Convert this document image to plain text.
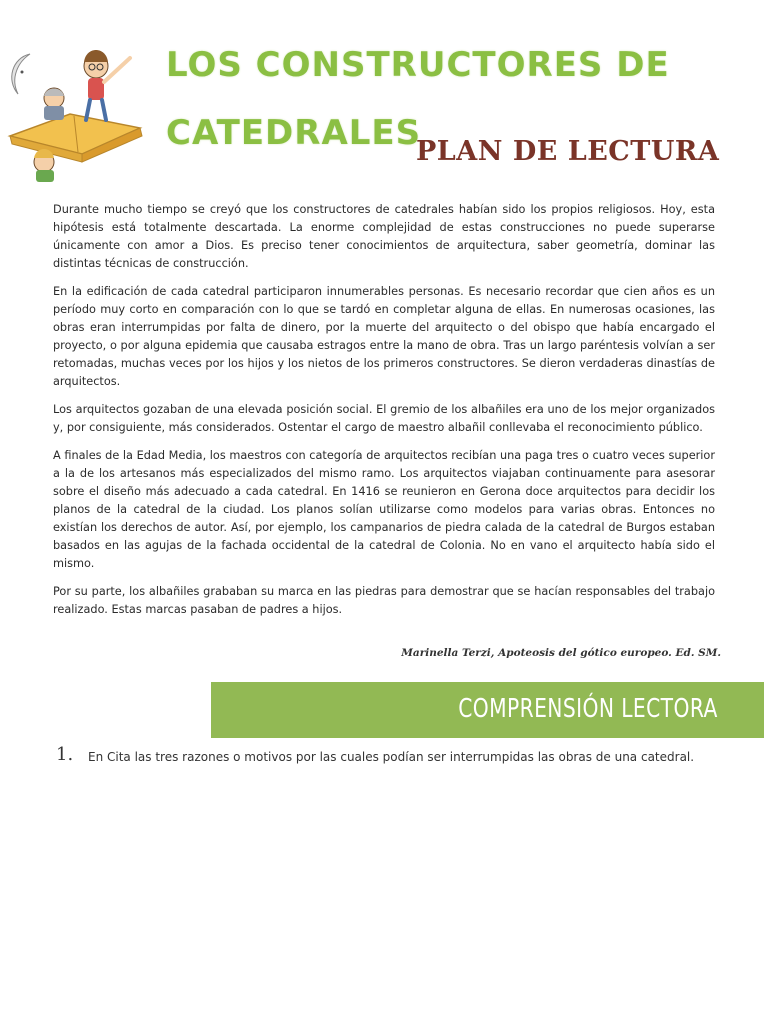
LOS CONSTRUCTORES DE
CATEDRALES
PLAN DE LECTURA

Durante mucho tiempo se creyó que los constructores de catedrales habían sido los propios religiosos. Hoy, esta hipótesis está totalmente descartada. La enorme complejidad de estas construcciones no puede superarse únicamente con amor a Dios. Es preciso tener conocimientos de arquitectura, saber geometría, dominar las distintas técnicas de construcción.

En la edificación de cada catedral participaron innumerables personas. Es necesario recordar que cien años es un período muy corto en comparación con lo que se tardó en completar alguna de ellas. En numerosas ocasiones, las obras eran interrumpidas por falta de dinero, por la muerte del arquitecto o del obispo que había encargado el proyecto, o por alguna epidemia que causaba estragos entre la mano de obra. Tras un largo paréntesis volvían a ser retomadas, muchas veces por los hijos y los nietos de los primeros constructores. Se dieron verdaderas dinastías de arquitectos.

Los arquitectos gozaban de una elevada posición social. El gremio de los albañiles era uno de los mejor organizados y, por consiguiente, más considerados. Ostentar el cargo de maestro albañil conllevaba el reconocimiento público.

A finales de la Edad Media, los maestros con categoría de arquitectos recibían una paga tres o cuatro veces superior a la de los artesanos más especializados del mismo ramo. Los arquitectos viajaban continuamente para asesorar sobre el diseño más adecuado a cada catedral. En 1416 se reunieron en Gerona doce arquitectos para decidir los planos de la catedral de la ciudad. Los planos solían utilizarse como modelos para varias obras. Entonces no existían los derechos de autor. Así, por ejemplo, los campanarios de piedra calada de la catedral de Burgos estaban basados en las agujas de la fachada occidental de la catedral de Colonia. No en vano el arquitecto había sido el mismo.

Por su parte, los albañiles grababan su marca en las piedras para demostrar que se hacían responsables del trabajo realizado. Estas marcas pasaban de padres a hijos.

Marinella Terzi, Apoteosis del gótico europeo. Ed. SM.

COMPRENSIÓN LECTORA
1.	En Cita las tres razones o motivos por las cuales podían ser interrumpidas las obras de una catedral.
